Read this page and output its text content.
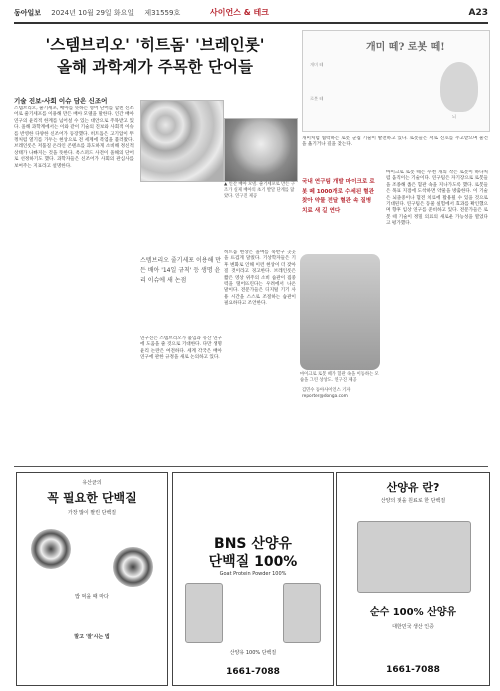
동아일보 2024년 10월 29일 화요일 제31559호	사이언스 & 테크	A23
'스템브리오' '히트돔' '브레인롯'
올해 과학계가 주목한 단어들
기술 진보-사회 이슈 담은 신조어
스템브리오, 줄기세포, 배아를 뜻하는 영어 단어를 합친 신조어로 줄기세포를 이용해 만든 배아 모델을 말한다. 인간 배아 연구의 윤리적 한계를 넘어설 수 있는 대안으로 주목받고 있다. 올해 과학계에서는 이와 같이 기술의 진보와 사회적 이슈를 반영한 다양한 신조어가 등장했다. 히트돔은 고기압이 뚜껑처럼 열기를 가두는 현상으로 전 세계에 폭염을 불러왔다. 브레인롯은 저품질 온라인 콘텐츠를 과도하게 소비해 정신적 상태가 나빠지는 것을 뜻한다. 옥스퍼드 사전이 올해의 단어로 선정하기도 했다. 과학자들은 신조어가 사회의 관심사를 보여주는 지표라고 설명한다.
▲ 인간 배아 모델. 줄기세포로 만든 구조가 실제 배아의 초기 발달 단계를 닮았다. 연구진 제공
스템브리오 줄기세포 이용해 만든 배아 '14일 규칙' 등 생명 윤리 이슈에 새 논점
연구진은 스템브리오가 불임과 유산 연구에 도움을 줄 것으로 기대한다. 다만 생명 윤리 논란은 여전하다. 세계 각국은 배아 연구에 관한 규정을 새로 논의하고 있다.
히트돔 현상은 올여름 북반구 곳곳을 뜨겁게 달궜다. 기상학자들은 기후 변화로 인해 이런 현상이 더 잦아질 것이라고 경고한다. 브레인롯은 짧은 영상 위주의 소비 습관이 집중력을 떨어뜨린다는 우려에서 나온 말이다. 전문가들은 디지털 기기 사용 시간을 스스로 조절하는 습관이 필요하다고 조언한다.
개미 떼? 로봇 떼!
개미 떼
로봇 떼
뇌
개미처럼 협력하는 로봇 군집 기술이 발전하고 있다. 로봇들은 서로 신호를 주고받으며 물건을 옮기거나 길을 찾는다.
국내 연구팀 개발 마이크로 로봇 떼 1000개로 수세된 혈관 찾아 약물 전달 혈관 속 질병 치료 새 길 연다
마이크로 로봇 떼가 혈관 속을 이동하는 모습을 그린 상상도. 연구진 제공
마이크로 로봇 떼는 수천 개의 작은 로봇이 하나처럼 움직이는 기술이다. 연구팀은 자기장으로 로봇들을 조종해 좁은 혈관 속을 지나가도록 했다. 로봇들은 목표 지점에 도착하면 약물을 방출한다. 이 기술은 뇌졸중이나 혈전 치료에 활용될 수 있을 것으로 기대된다. 연구팀은 동물 실험에서 효과를 확인했으며 향후 임상 연구를 준비하고 있다. 전문가들은 로봇 떼 기술이 정밀 의료의 새로운 가능성을 열었다고 평가했다.
김민수 동아사이언스 기자 reporter@donga.com
유산균의
꼭 필요한 단백질
가장 많이 팔린 단백질
밥 먹을 때 마다
말고 '잘'시는 법
BNS 산양유
단백질 100%
Goat Protein Powder 100%
산양유 100% 단백질
1661-7088
산양유 란?
산양의 젖을 원료로 한 단백질
순수 100% 산양유
대한민국 생산 인증
1661-7088
